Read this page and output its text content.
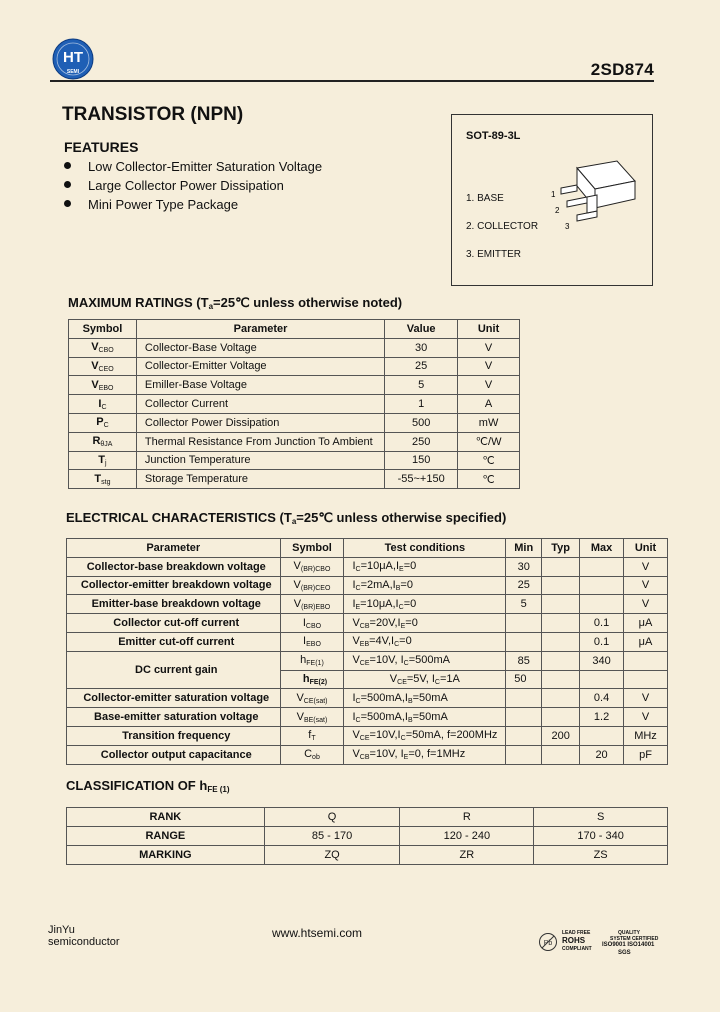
HT
SEMI	2SD874
TRANSISTOR (NPN)
FEATURES
Low Collector-Emitter Saturation Voltage
Large Collector Power Dissipation
Mini Power Type Package
SOT-89-3L
1. BASE
2. COLLECTOR
3. EMITTER
1
2
3
MAXIMUM RATINGS ($T_a=25℃$ unless otherwise noted)
Symbol	Parameter	Value	Unit
VCBO	Collector-Base Voltage	30	V
VCEO	Collector-Emitter Voltage	25	V
VEBO	Emiller-Base Voltage	5	V
IC	Collector Current	1	A
PC	Collector Power Dissipation	500	mW
RθJA	Thermal Resistance From Junction To Ambient	250	℃/W
Tj	Junction Temperature	150	℃
Tstg	Storage Temperature	-55~+150	℃
ELECTRICAL CHARACTERISTICS ($T_a=25℃$ unless otherwise specified)
Parameter	Symbol	Test conditions	Min	Typ	Max	Unit
Collector-base breakdown voltage	V(BR)CBO	IC=10μA,IE=0	30			V
Collector-emitter breakdown voltage	V(BR)CEO	IC=2mA,IB=0	25			V
Emitter-base breakdown voltage	V(BR)EBO	IE=10μA,IC=0	5			V
Collector cut-off current	ICBO	VCB=20V,IE=0			0.1	μA
Emitter cut-off current	IEBO	VEB=4V,IC=0			0.1	μA
DC current gain	hFE(1)	VCE=10V, IC=500mA	85		340	
	hFE(2)	VCE=5V, IC=1A	50			
Collector-emitter saturation voltage	VCE(sat)	IC=500mA,IB=50mA			0.4	V
Base-emitter saturation voltage	VBE(sat)	IC=500mA,IB=50mA			1.2	V
Transition frequency	fT	VCE=10V,IC=50mA, f=200MHz		200		MHz
Collector output capacitance	Cob	VCB=10V, IE=0, f=1MHz			20	pF
CLASSIFICATION OF $h_{FE (1)}$
RANK	Q	R	S
RANGE	85 - 170	120 - 240	170 - 340
MARKING	ZQ	ZR	ZS
JinYu
semiconductor
www.htsemi.com
Pb
LEAD FREE
ROHS
COMPLIANT
QUALITY
SYSTEM CERTIFIED
ISO9001 ISO14001
SGS
